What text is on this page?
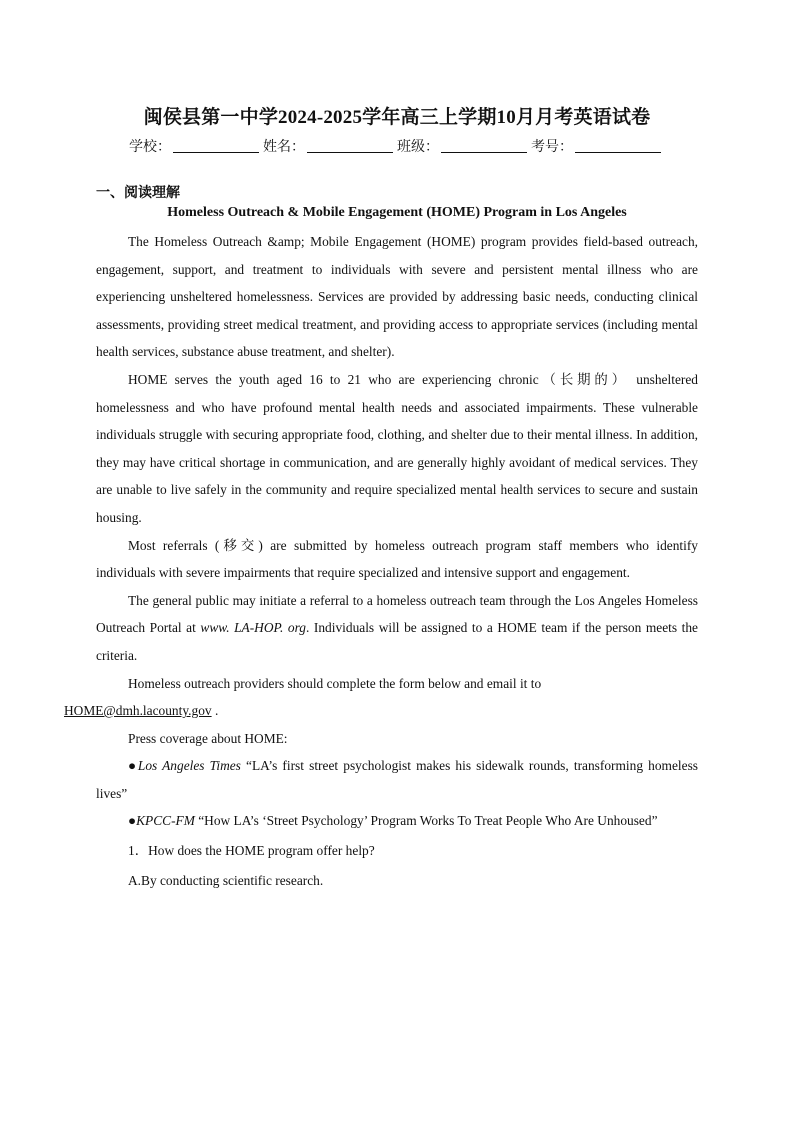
闽侯县第一中学2024-2025学年高三上学期10月月考英语试卷
学校：	姓名：	班级：	考号：
一、阅读理解
Homeless Outreach & Mobile Engagement (HOME) Program in Los Angeles

The Homeless Outreach &amp; Mobile Engagement (HOME) program provides field-based outreach, engagement, support, and treatment to individuals with severe and persistent mental illness who are experiencing unsheltered homelessness. Services are provided by addressing basic needs, conducting clinical assessments, providing street medical treatment, and providing access to appropriate services (including mental health services, substance abuse treatment, and shelter).

HOME serves the youth aged 16 to 21 who are experiencing chronic（长期的） unsheltered homelessness and who have profound mental health needs and associated impairments. These vulnerable individuals struggle with securing appropriate food, clothing, and shelter due to their mental illness. In addition, they may have critical shortage in communication, and are generally highly avoidant of medical services. They are unable to live safely in the community and require specialized mental health services to secure and sustain housing.

Most referrals (移交) are submitted by homeless outreach program staff members who identify individuals with severe impairments that require specialized and intensive support and engagement.

The general public may initiate a referral to a homeless outreach team through the Los Angeles Homeless Outreach Portal at www. LA-HOP. org. Individuals will be assigned to a HOME team if the person meets the criteria.

Homeless outreach providers should complete the form below and email it to
HOME@dmh.lacounty.gov .

Press coverage about HOME:

●Los Angeles Times “LA’s first street psychologist makes his sidewalk rounds, transforming homeless lives”

●KPCC-FM “How LA’s ‘Street Psychology’ Program Works To Treat People Who Are Unhoused”

1．How does the HOME program offer help?

A.By conducting scientific research.
